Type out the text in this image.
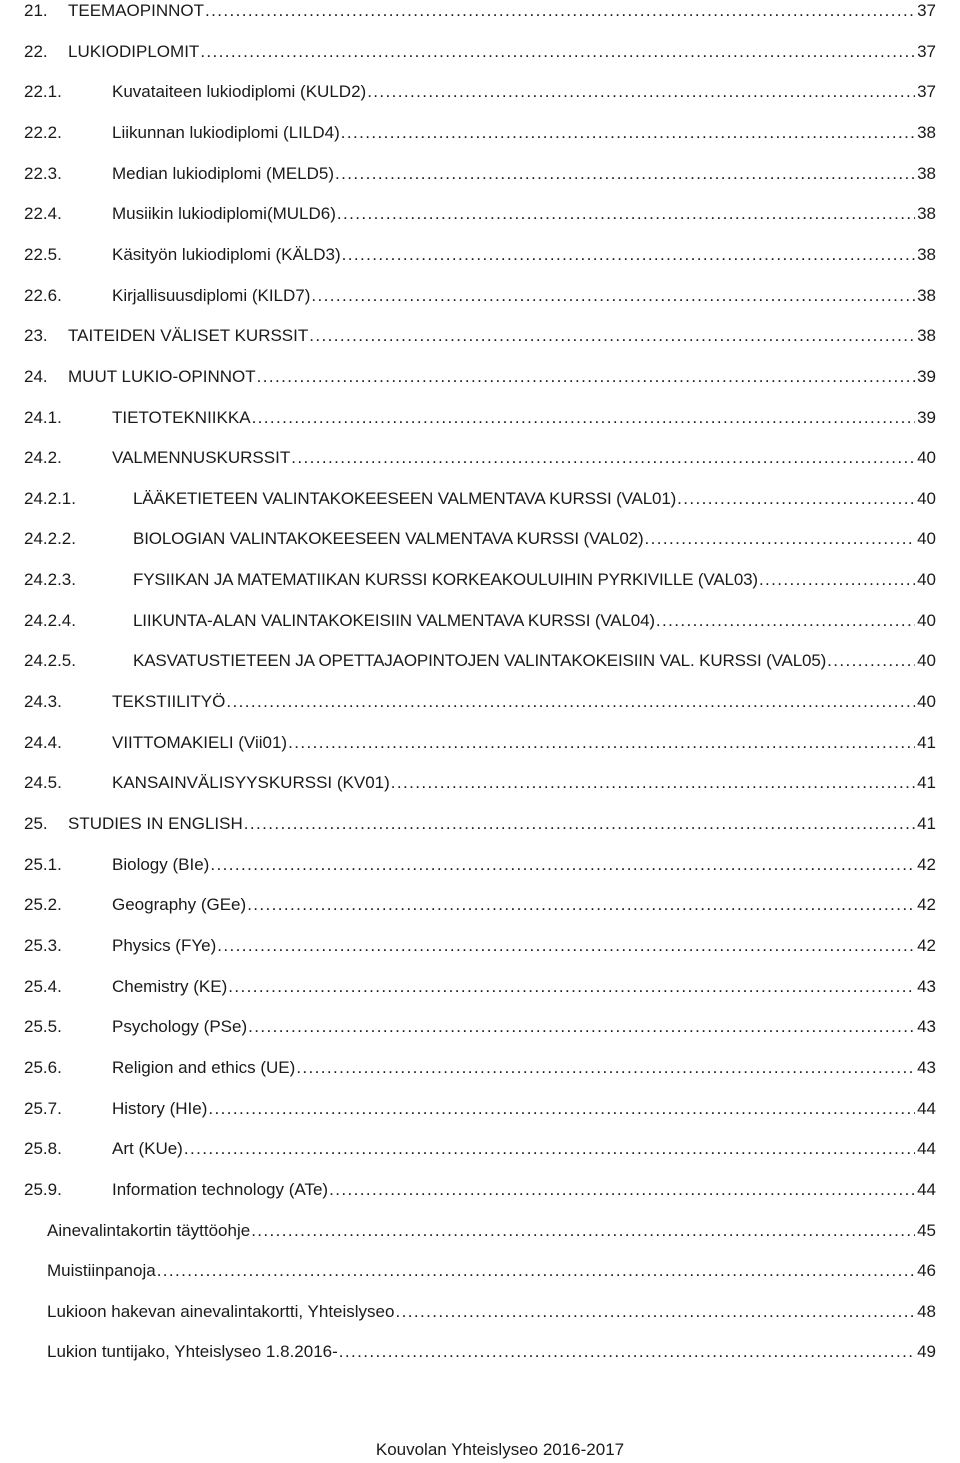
21. TEEMAOPINNOT .....	37
22. LUKIODIPLOMIT .....	37
22.1.	Kuvataiteen lukiodiplomi (KULD2) .....	37
22.2.	Liikunnan lukiodiplomi (LILD4) .....	38
22.3.	Median lukiodiplomi (MELD5) .....	38
22.4.	Musiikin lukiodiplomi(MULD6) .....	38
22.5.	Käsityön lukiodiplomi (KÄLD3) .....	38
22.6.	Kirjallisuusdiplomi (KILD7) .....	38
23. TAITEIDEN VÄLISET KURSSIT .....	38
24. MUUT LUKIO-OPINNOT .....	39
24.1.	TIETOTEKNIIKKA .....	39
24.2.	VALMENNUSKURSSIT .....	40
24.2.1.	LÄÄKETIETEEN VALINTAKOKEESEEN VALMENTAVA KURSSI (VAL01) .....	40
24.2.2.	BIOLOGIAN VALINTAKOKEESEEN VALMENTAVA KURSSI (VAL02) .....	40
24.2.3.	FYSIIKAN JA MATEMATIIKAN KURSSI KORKEAKOULUIHIN PYRKIVILLE (VAL03) .....	40
24.2.4.	LIIKUNTA-ALAN VALINTAKOKEISIIN VALMENTAVA KURSSI (VAL04) .....	40
24.2.5.	KASVATUSTIETEEN JA OPETTAJAOPINTOJEN VALINTAKOKEISIIN VAL. KURSSI (VAL05) .....	40
24.3.	TEKSTIILITYÖ .....	40
24.4.	VIITTOMAKIELI (Vii01) .....	41
24.5.	KANSAINVÄLISYYSKURSSI (KV01) .....	41
25. STUDIES IN ENGLISH .....	41
25.1.	Biology (BIe) .....	42
25.2.	Geography (GEe) .....	42
25.3.	Physics (FYe) .....	42
25.4.	Chemistry (KE) .....	43
25.5.	Psychology (PSe) .....	43
25.6.	Religion and ethics (UE) .....	43
25.7.	History (HIe) .....	44
25.8.	Art (KUe) .....	44
25.9.	Information technology (ATe) .....	44
Ainevalintakortin täyttöohje .....	45
Muistiinpanoja .....	46
Lukioon hakevan ainevalintakortti, Yhteislyseo .....	48
Lukion tuntijako, Yhteislyseo 1.8.2016- .....	49
Kouvolan Yhteislyseo 2016-2017
